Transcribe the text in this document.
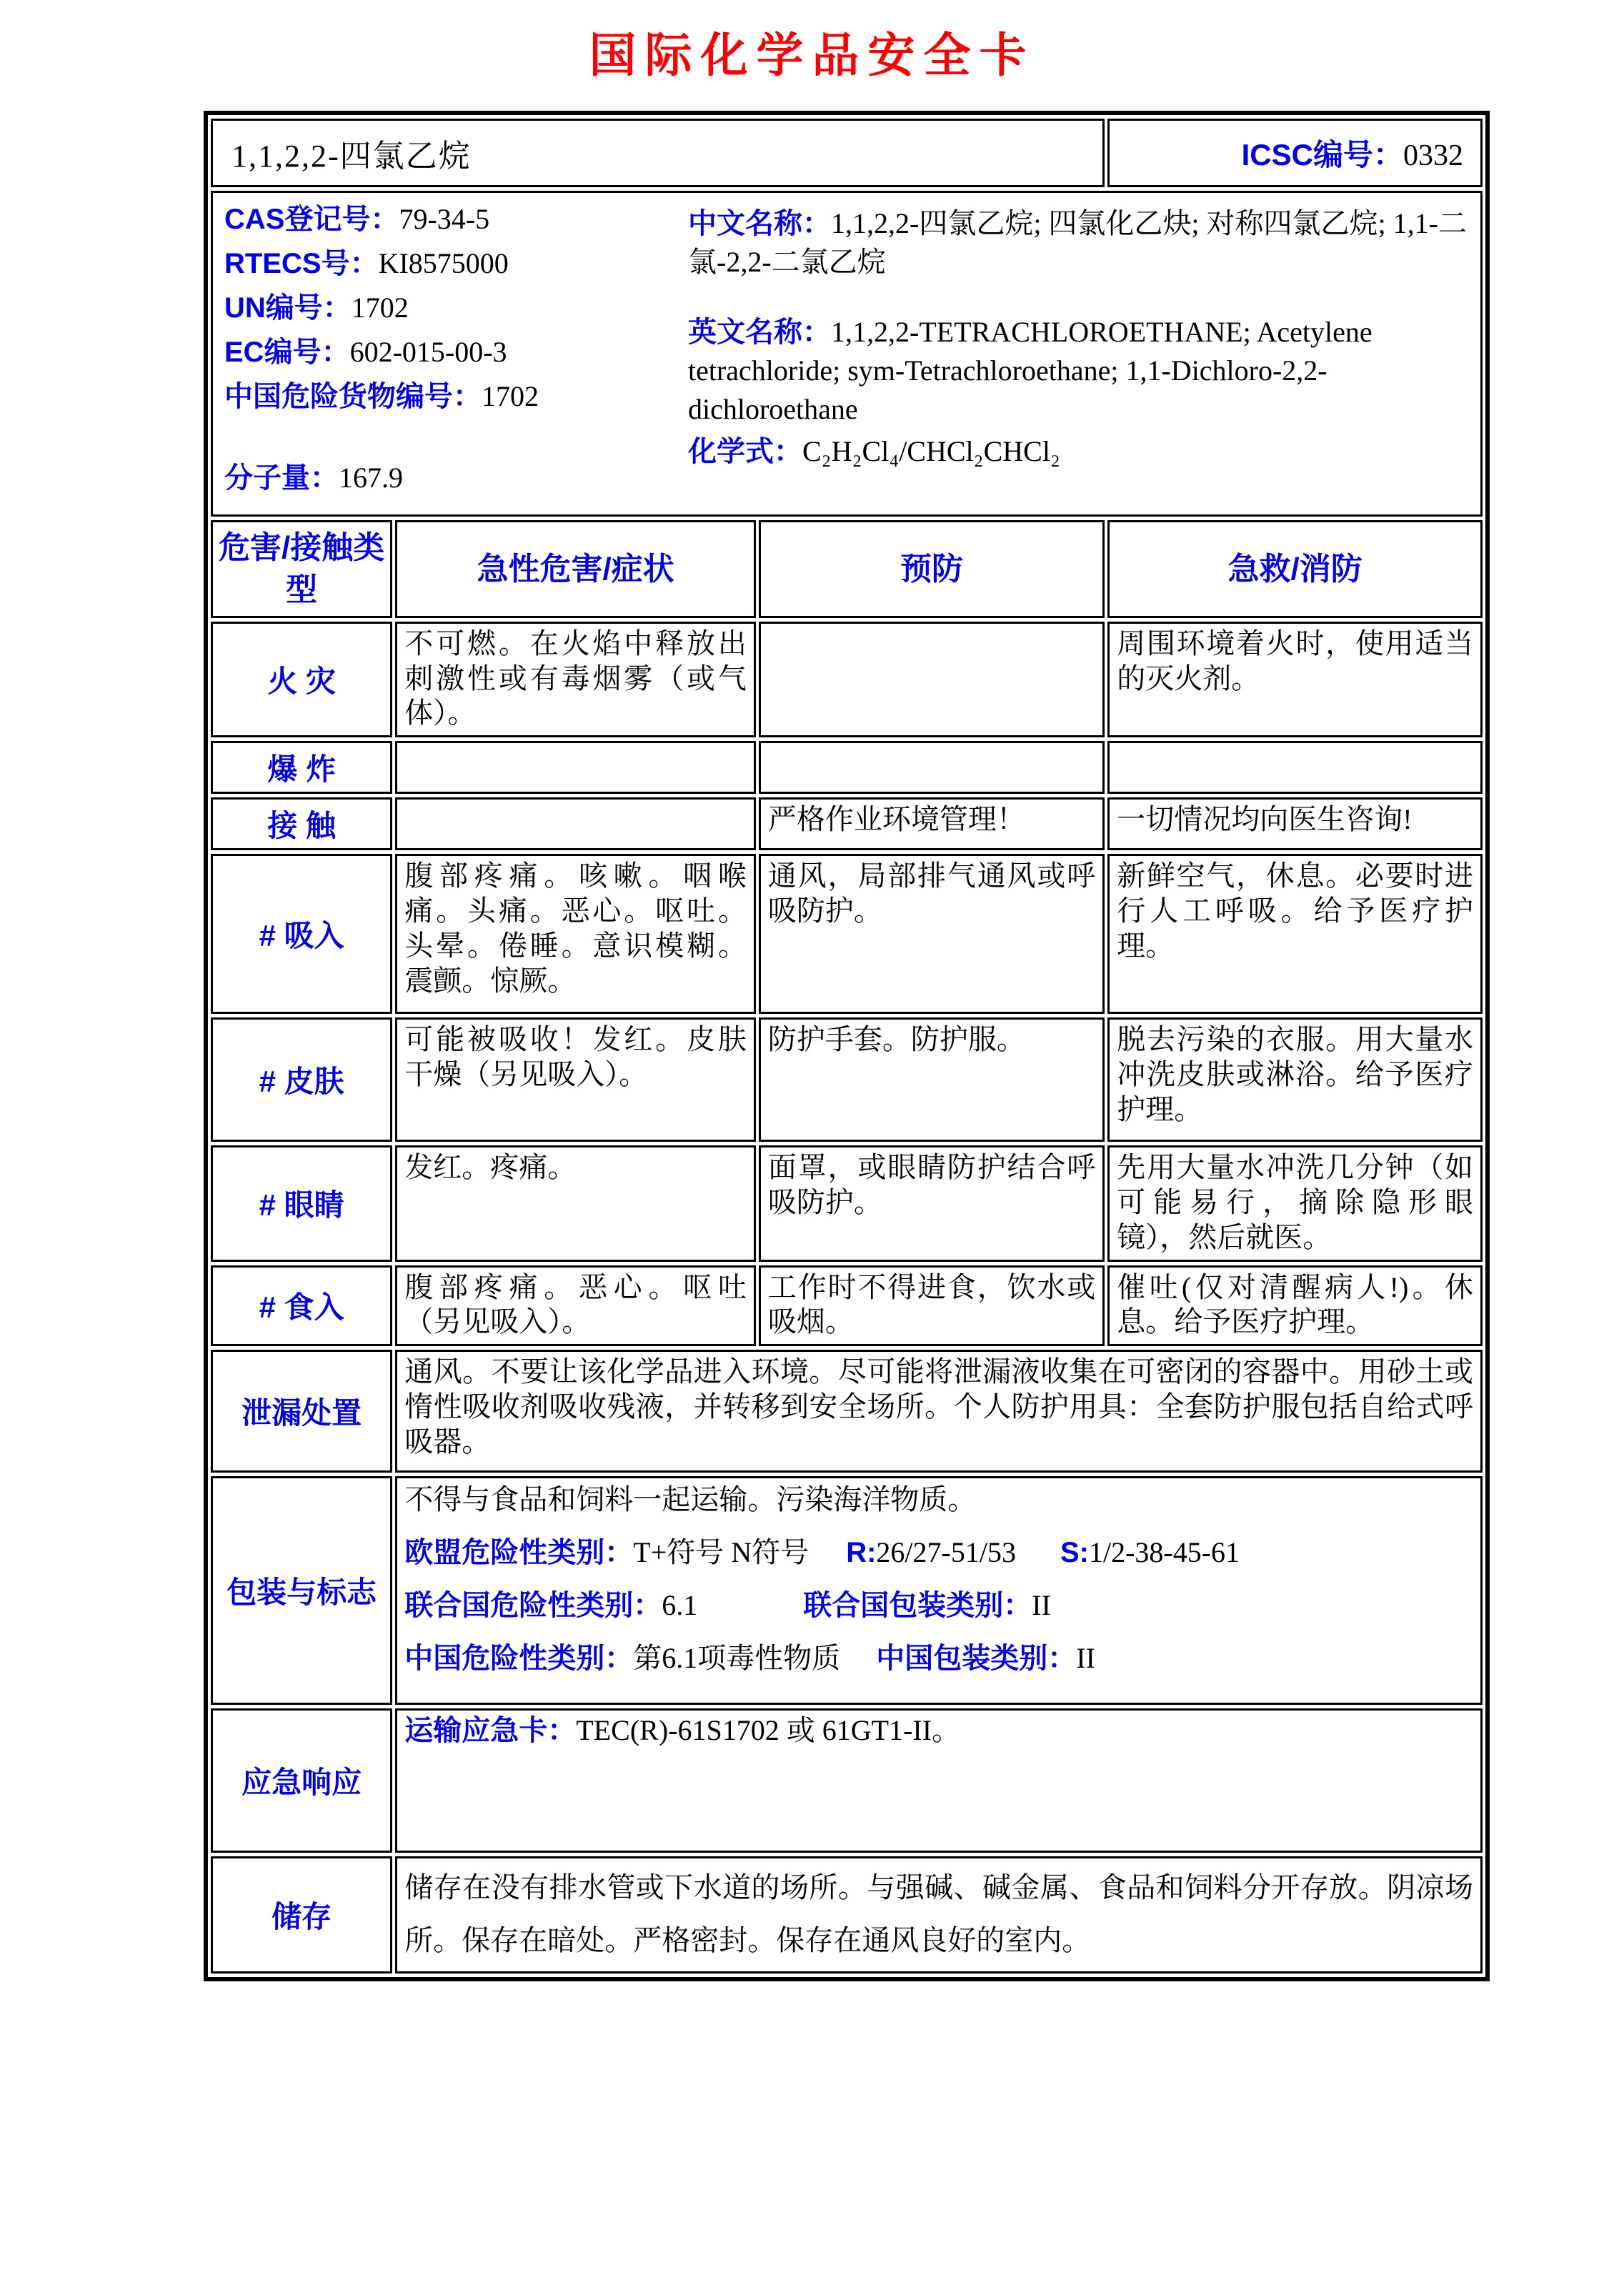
国际化学品安全卡
1,1,2,2-四氯乙烷			ICSC编号：0332

CAS登记号：79-34-5
RTECS号：KI8575000
UN编号：1702
EC编号：602-015-00-3
中国危险货物编号：1702
分子量：167.9
中文名称：1,1,2,2-四氯乙烷; 四氯化乙炔; 对称四氯乙烷; 1,1-二氯-2,2-二氯乙烷
英文名称：1,1,2,2-TETRACHLOROETHANE; Acetylene tetrachloride; sym-Tetrachloroethane; 1,1-Dichloro-2,2-dichloroethane
化学式：C₂H₂Cl₄/CHCl₂CHCl₂

危害/接触类型	急性危害/症状	预防	急救/消防
火 灾	不可燃。在火焰中释放出刺激性或有毒烟雾（或气体）。		周围环境着火时，使用适当的灭火剂。
爆 炸			
接 触		严格作业环境管理！	一切情况均向医生咨询!
# 吸入	腹部疼痛。咳嗽。咽喉痛。头痛。恶心。呕吐。头晕。倦睡。意识模糊。震颤。惊厥。	通风，局部排气通风或呼吸防护。	新鲜空气，休息。必要时进行人工呼吸。给予医疗护理。
# 皮肤	可能被吸收！发红。皮肤干燥（另见吸入）。	防护手套。防护服。	脱去污染的衣服。用大量水冲洗皮肤或淋浴。给予医疗护理。
# 眼睛	发红。疼痛。	面罩，或眼睛防护结合呼吸防护。	先用大量水冲洗几分钟（如可能易行，摘除隐形眼镜），然后就医。
# 食入	腹部疼痛。恶心。呕吐（另见吸入）。	工作时不得进食，饮水或吸烟。	催吐(仅对清醒病人!)。休息。给予医疗护理。
泄漏处置	通风。不要让该化学品进入环境。尽可能将泄漏液收集在可密闭的容器中。用砂土或惰性吸收剂吸收残液，并转移到安全场所。个人防护用具：全套防护服包括自给式呼吸器。		
包装与标志	不得与食品和饲料一起运输。污染海洋物质。
欧盟危险性类别：T+符号 N符号 R:26/27-51/53 S:1/2-38-45-61
联合国危险性类别：6.1 联合国包装类别：II
中国危险性类别：第6.1项毒性物质 中国包装类别：II		

应急响应	运输应急卡：TEC(R)-61S1702 或 61GT1-II。		

储存	储存在没有排水管或下水道的场所。与强碱、碱金属、食品和饲料分开存放。阴凉场所。保存在暗处。严格密封。保存在通风良好的室内。		
